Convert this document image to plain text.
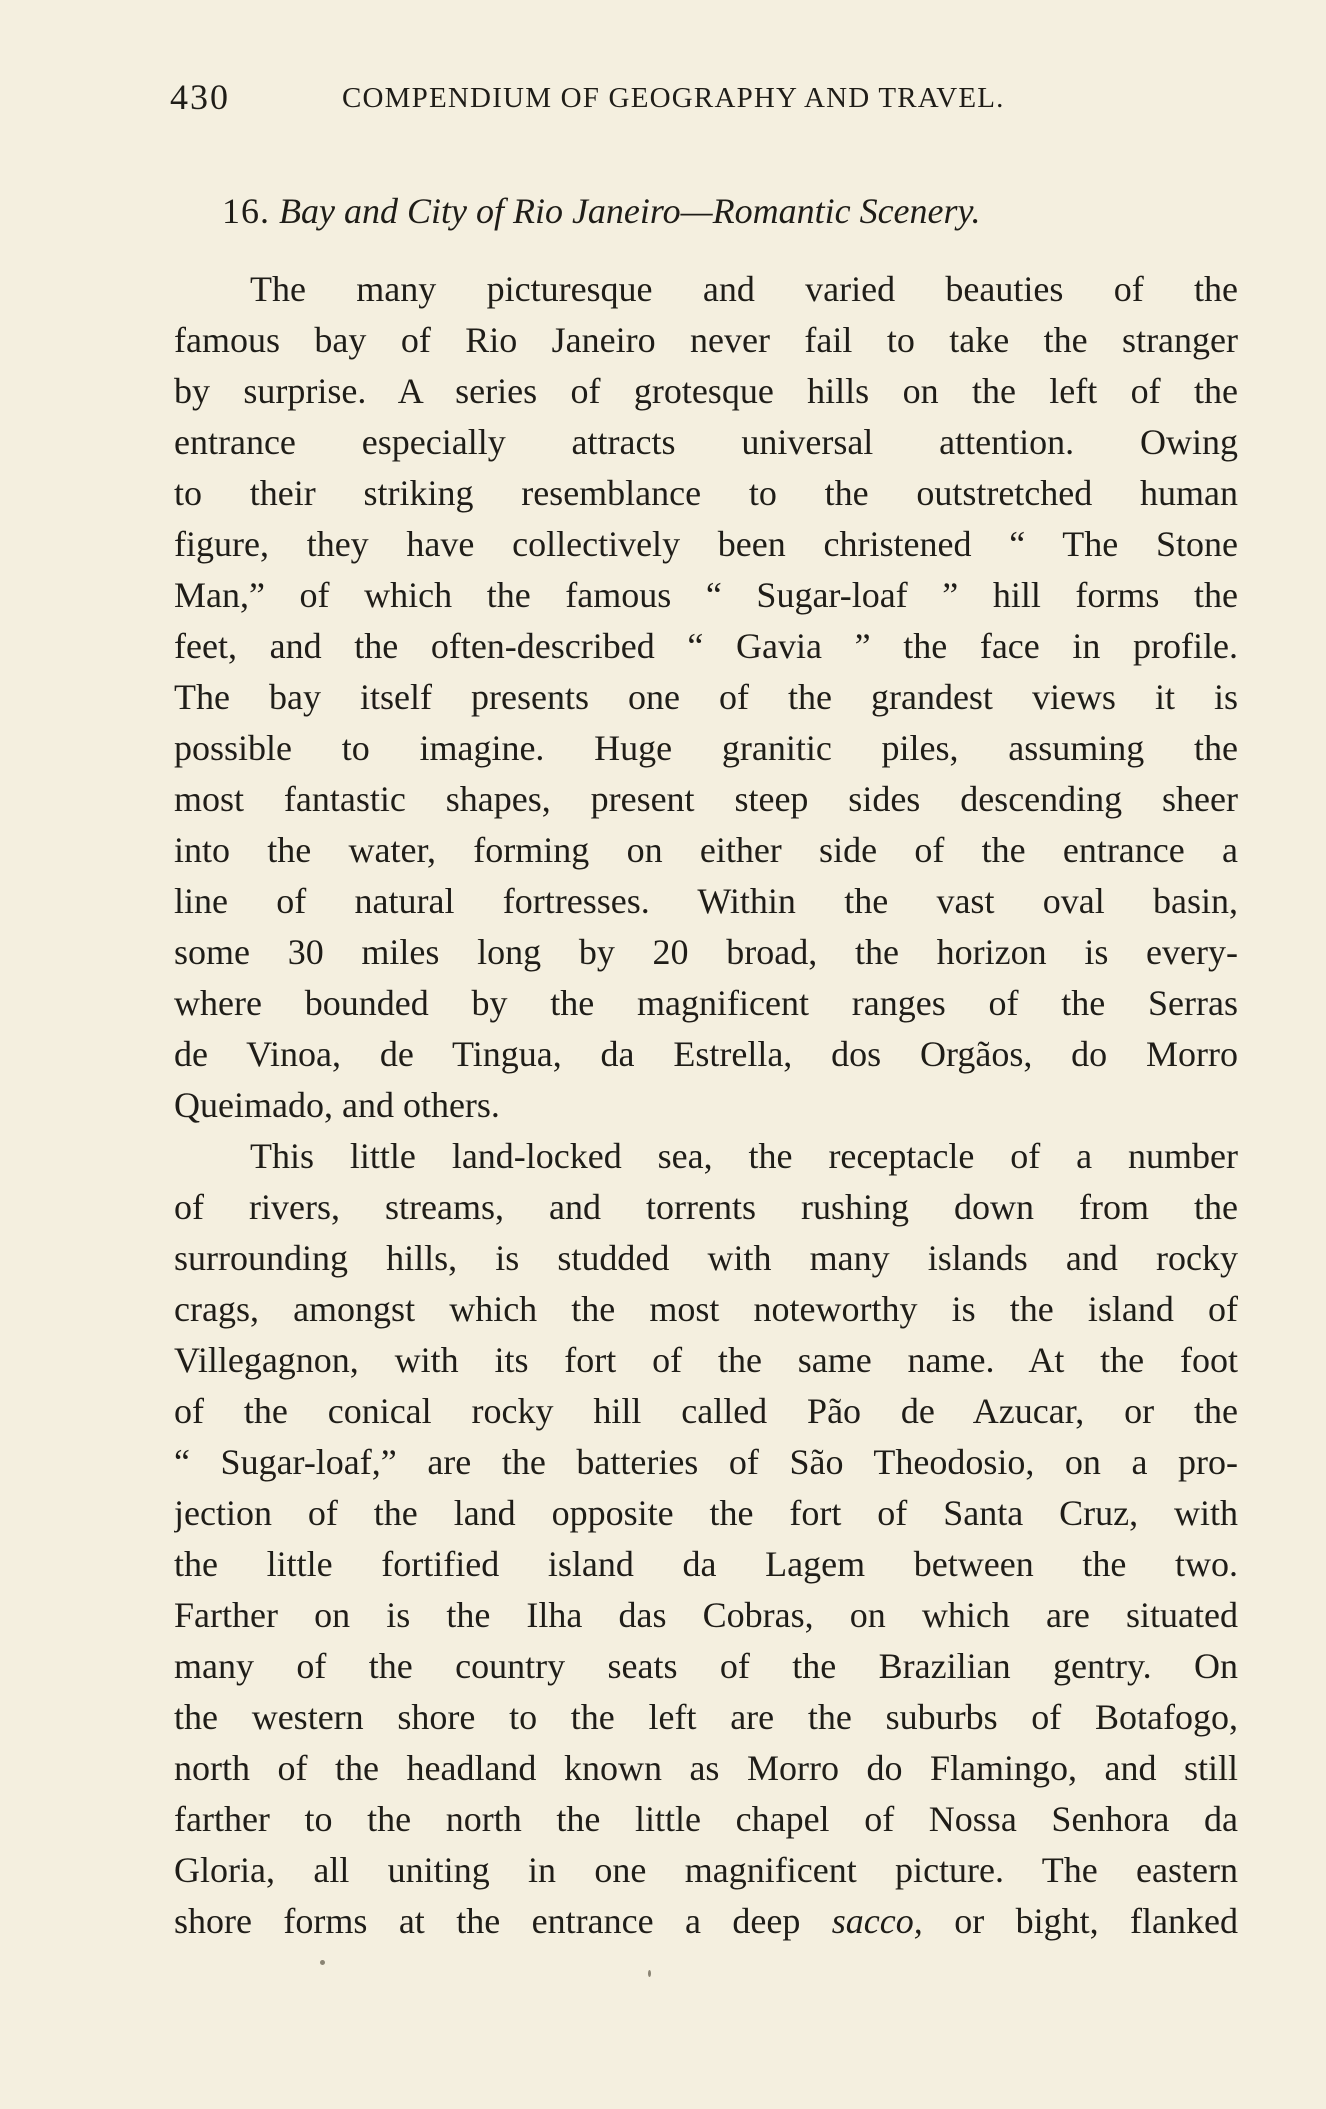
430	COMPENDIUM OF GEOGRAPHY AND TRAVEL.
16. Bay and City of Rio Janeiro—Romantic Scenery.
The many picturesque and varied beauties of the
famous bay of Rio Janeiro never fail to take the stranger
by surprise. A series of grotesque hills on the left of the
entrance especially attracts universal attention. Owing
to their striking resemblance to the outstretched human
figure, they have collectively been christened “ The Stone
Man,” of which the famous “ Sugar-loaf ” hill forms the
feet, and the often-described “ Gavia ” the face in profile.
The bay itself presents one of the grandest views it is
possible to imagine. Huge granitic piles, assuming the
most fantastic shapes, present steep sides descending sheer
into the water, forming on either side of the entrance a
line of natural fortresses. Within the vast oval basin,
some 30 miles long by 20 broad, the horizon is every-
where bounded by the magnificent ranges of the Serras
de Vinoa, de Tingua, da Estrella, dos Orgãos, do Morro
Queimado, and others.
This little land-locked sea, the receptacle of a number
of rivers, streams, and torrents rushing down from the
surrounding hills, is studded with many islands and rocky
crags, amongst which the most noteworthy is the island of
Villegagnon, with its fort of the same name. At the foot
of the conical rocky hill called Pão de Azucar, or the
“ Sugar-loaf,” are the batteries of São Theodosio, on a pro-
jection of the land opposite the fort of Santa Cruz, with
the little fortified island da Lagem between the two.
Farther on is the Ilha das Cobras, on which are situated
many of the country seats of the Brazilian gentry. On
the western shore to the left are the suburbs of Botafogo,
north of the headland known as Morro do Flamingo, and still
farther to the north the little chapel of Nossa Senhora da
Gloria, all uniting in one magnificent picture. The eastern
shore forms at the entrance a deep sacco, or bight, flanked
